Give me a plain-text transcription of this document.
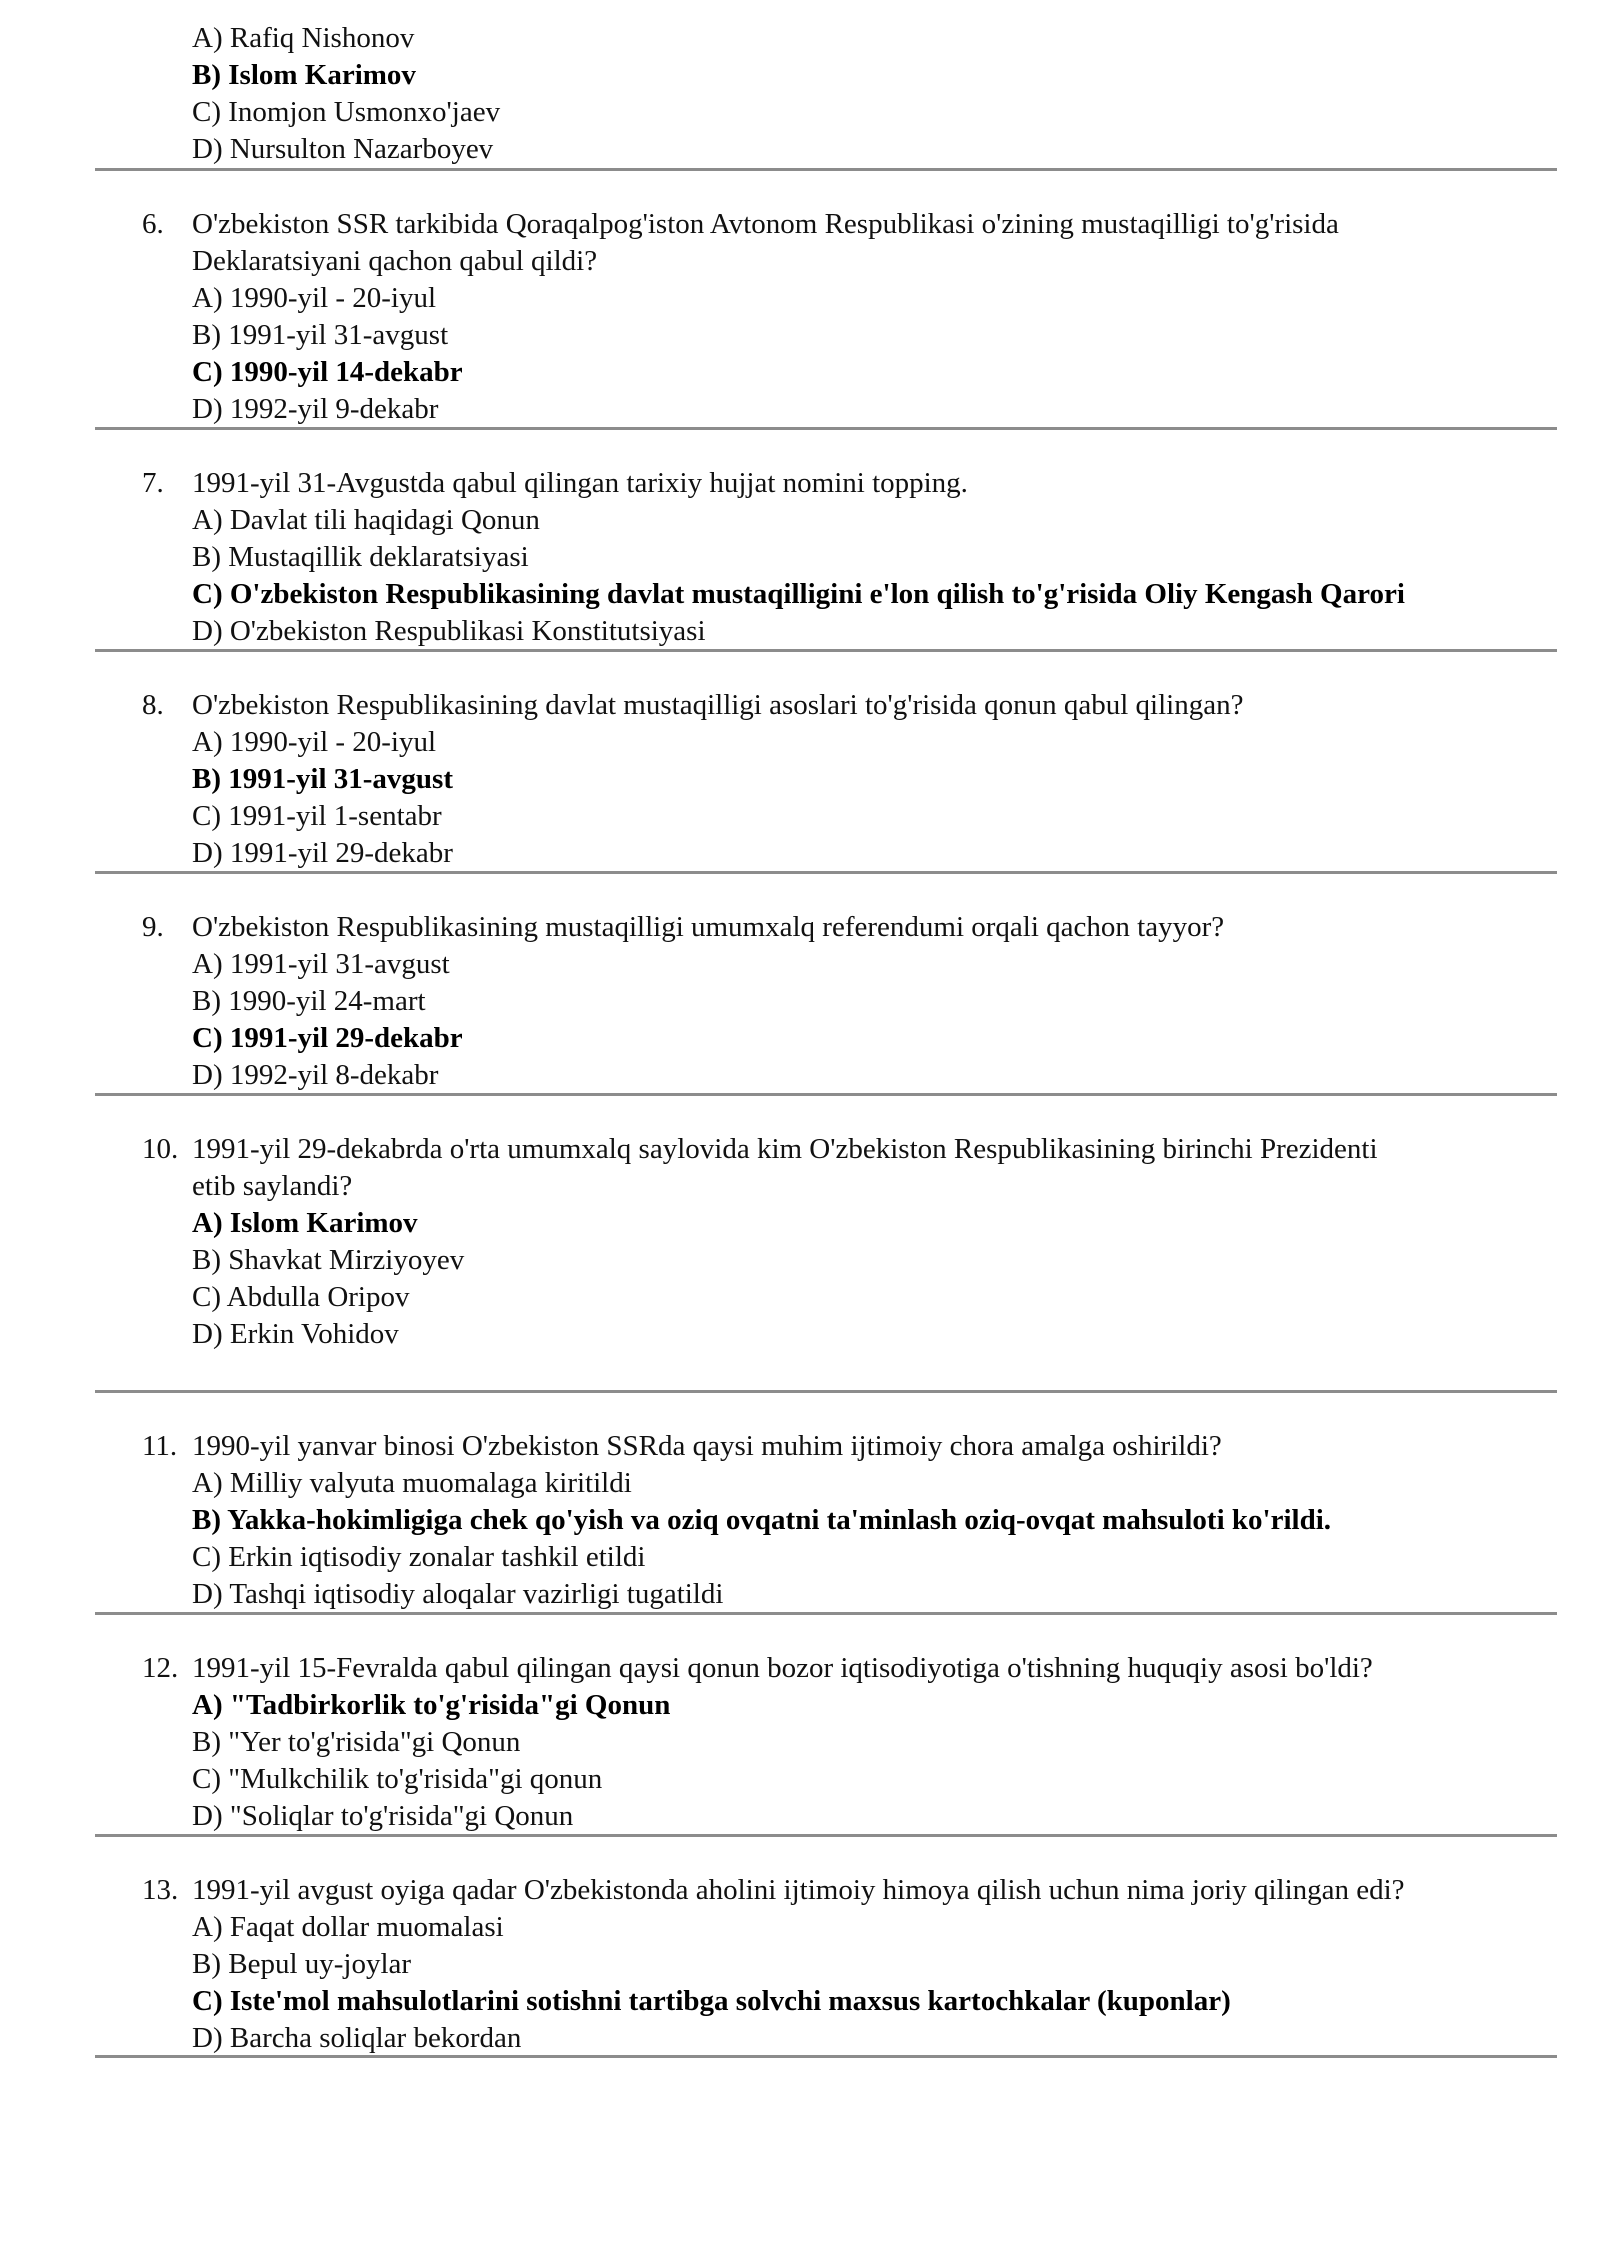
A) Rafiq Nishonov
B) Islom Karimov
C) Inomjon Usmonxo'jaev
D) Nursulton Nazarboyev
6. O'zbekiston SSR tarkibida Qoraqalpog'iston Avtonom Respublikasi o'zining mustaqilligi to'g'risida
Deklaratsiyani qachon qabul qildi?
A) 1990-yil - 20-iyul
B) 1991-yil 31-avgust
C) 1990-yil 14-dekabr
D) 1992-yil 9-dekabr
7. 1991-yil 31-Avgustda qabul qilingan tarixiy hujjat nomini topping.
A) Davlat tili haqidagi Qonun
B) Mustaqillik deklaratsiyasi
C) O'zbekiston Respublikasining davlat mustaqilligini e'lon qilish to'g'risida Oliy Kengash Qarori
D) O'zbekiston Respublikasi Konstitutsiyasi
8. O'zbekiston Respublikasining davlat mustaqilligi asoslari to'g'risida qonun qabul qilingan?
A) 1990-yil - 20-iyul
B) 1991-yil 31-avgust
C) 1991-yil 1-sentabr
D) 1991-yil 29-dekabr
9. O'zbekiston Respublikasining mustaqilligi umumxalq referendumi orqali qachon tayyor?
A) 1991-yil 31-avgust
B) 1990-yil 24-mart
C) 1991-yil 29-dekabr
D) 1992-yil 8-dekabr
10. 1991-yil 29-dekabrda o'rta umumxalq saylovida kim O'zbekiston Respublikasining birinchi Prezidenti
etib saylandi?
A) Islom Karimov
B) Shavkat Mirziyoyev
C) Abdulla Oripov
D) Erkin Vohidov
11. 1990-yil yanvar binosi O'zbekiston SSRda qaysi muhim ijtimoiy chora amalga oshirildi?
A) Milliy valyuta muomalaga kiritildi
B) Yakka-hokimligiga chek qo'yish va oziq ovqatni ta'minlash oziq-ovqat mahsuloti ko'rildi.
C) Erkin iqtisodiy zonalar tashkil etildi
D) Tashqi iqtisodiy aloqalar vazirligi tugatildi
12. 1991-yil 15-Fevralda qabul qilingan qaysi qonun bozor iqtisodiyotiga o'tishning huquqiy asosi bo'ldi?
A) "Tadbirkorlik to'g'risida"gi Qonun
B) "Yer to'g'risida"gi Qonun
C) "Mulkchilik to'g'risida"gi qonun
D) "Soliqlar to'g'risida"gi Qonun
13. 1991-yil avgust oyiga qadar O'zbekistonda aholini ijtimoiy himoya qilish uchun nima joriy qilingan edi?
A) Faqat dollar muomalasi
B) Bepul uy-joylar
C) Iste'mol mahsulotlarini sotishni tartibga solvchi maxsus kartochkalar (kuponlar)
D) Barcha soliqlar bekordan
